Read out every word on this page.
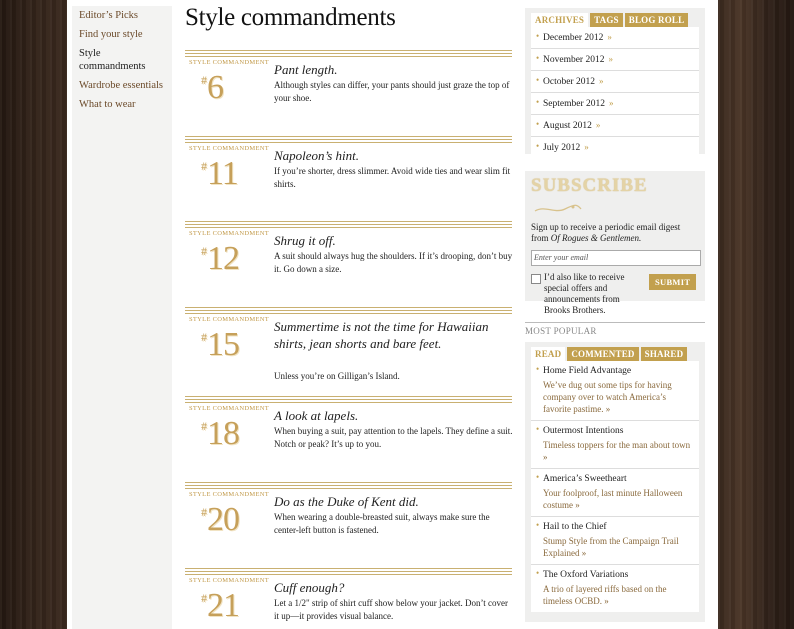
Editor’s Picks
Find your style
Style commandments
Wardrobe essentials
What to wear
Style commandments
STYLE COMMANDMENT
#6	Pant length.
Although styles can differ, your pants should just graze the top of your shoe.
STYLE COMMANDMENT
#11	Napoleon’s hint.
If you’re shorter, dress slimmer. Avoid wide ties and wear slim fit shirts.
STYLE COMMANDMENT
#12	Shrug it off.
A suit should always hug the shoulders. If it’s drooping, don’t buy it. Go down a size.
STYLE COMMANDMENT
#15	Summertime is not the time for Hawaiian shirts, jean shorts and bare feet.
Unless you’re on Gilligan’s Island.
STYLE COMMANDMENT
#18	A look at lapels.
When buying a suit, pay attention to the lapels. They define a suit. Notch or peak? It’s up to you.
STYLE COMMANDMENT
#20	Do as the Duke of Kent did.
When wearing a double-breasted suit, always make sure the center-left button is fastened.
STYLE COMMANDMENT
#21	Cuff enough?
Let a 1/2" strip of shirt cuff show below your jacket. Don’t cover it up—it provides visual balance.
ARCHIVES	TAGS	BLOG ROLL
• December 2012 »
• November 2012 »
• October 2012 »
• September 2012 »
• August 2012 »
• July 2012 »
SUBSCRIBE
Sign up to receive a periodic email digest from Of Rogues & Gentlemen.
Enter your email
I’d also like to receive special offers and announcements from Brooks Brothers.
SUBMIT
MOST POPULAR
READ	COMMENTED	SHARED
• Home Field Advantage
We’ve dug out some tips for having company over to watch America’s favorite pastime. »
• Outermost Intentions
Timeless toppers for the man about town »
• America’s Sweetheart
Your foolproof, last minute Halloween costume »
• Hail to the Chief
Stump Style from the Campaign Trail Explained »
• The Oxford Variations
A trio of layered riffs based on the timeless OCBD. »
